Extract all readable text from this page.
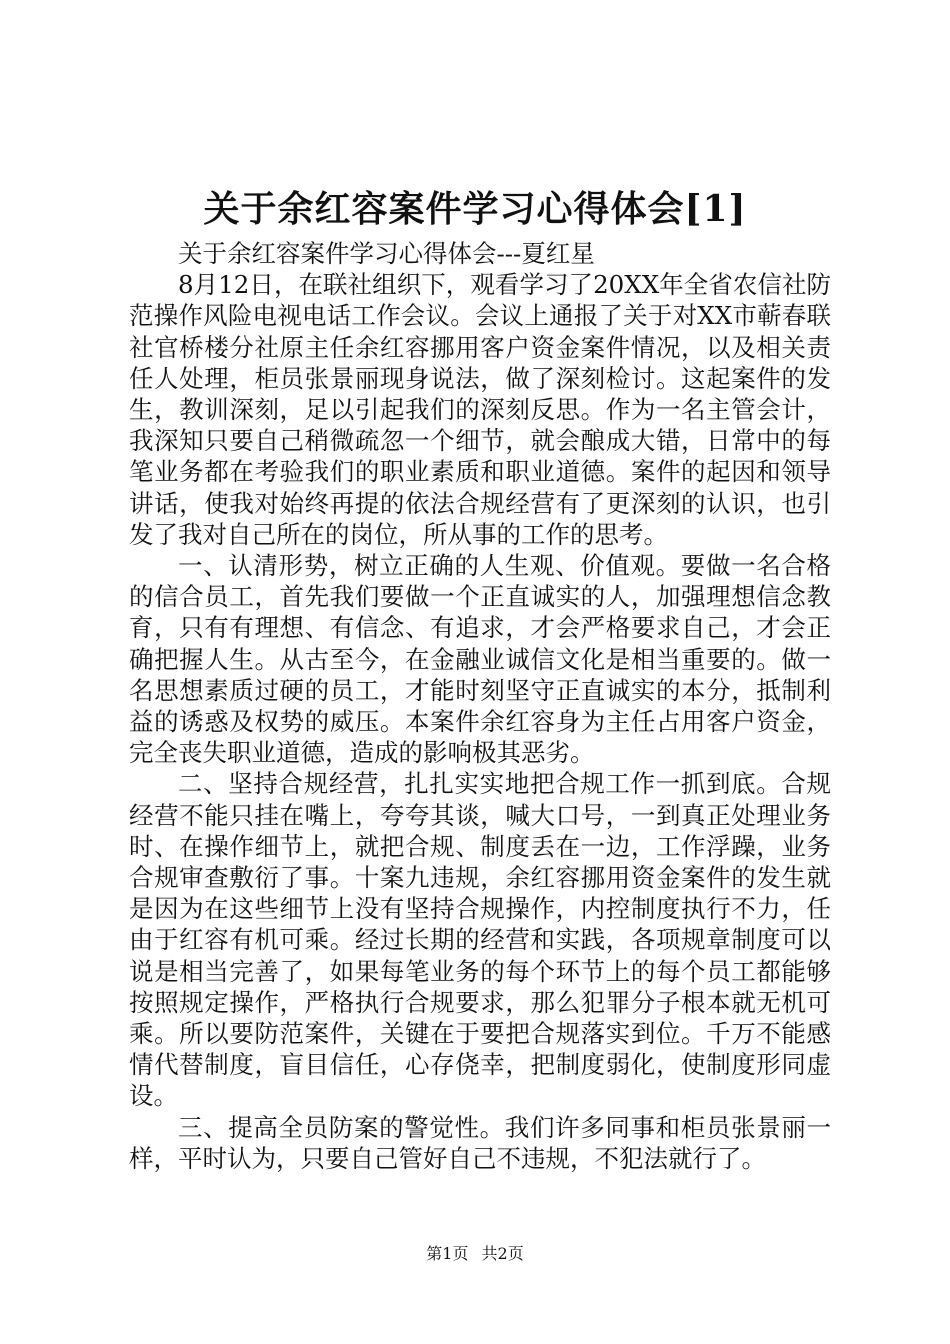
关于余红容案件学习心得体会[1]

关于余红容案件学习心得体会---夏红星

8月12日，在联社组织下，观看学习了20XX年全省农信社防范操作风险电视电话工作会议。会议上通报了关于对XX市蕲春联社官桥楼分社原主任余红容挪用客户资金案件情况，以及相关责任人处理，柜员张景丽现身说法，做了深刻检讨。这起案件的发生，教训深刻，足以引起我们的深刻反思。作为一名主管会计，我深知只要自己稍微疏忽一个细节，就会酿成大错，日常中的每笔业务都在考验我们的职业素质和职业道德。案件的起因和领导讲话，使我对始终再提的依法合规经营有了更深刻的认识，也引发了我对自己所在的岗位，所从事的工作的思考。

一、认清形势，树立正确的人生观、价值观。要做一名合格的信合员工，首先我们要做一个正直诚实的人，加强理想信念教育，只有有理想、有信念、有追求，才会严格要求自己，才会正确把握人生。从古至今，在金融业诚信文化是相当重要的。做一名思想素质过硬的员工，才能时刻坚守正直诚实的本分，抵制利益的诱惑及权势的威压。本案件余红容身为主任占用客户资金，完全丧失职业道德，造成的影响极其恶劣。

二、坚持合规经营，扎扎实实地把合规工作一抓到底。合规经营不能只挂在嘴上，夸夸其谈，喊大口号，一到真正处理业务时、在操作细节上，就把合规、制度丢在一边，工作浮躁，业务合规审查敷衍了事。十案九违规，余红容挪用资金案件的发生就是因为在这些细节上没有坚持合规操作，内控制度执行不力，任由于红容有机可乘。经过长期的经营和实践，各项规章制度可以说是相当完善了，如果每笔业务的每个环节上的每个员工都能够按照规定操作，严格执行合规要求，那么犯罪分子根本就无机可乘。所以要防范案件，关键在于要把合规落实到位。千万不能感情代替制度，盲目信任，心存侥幸，把制度弱化，使制度形同虚设。

三、提高全员防案的警觉性。我们许多同事和柜员张景丽一样，平时认为，只要自己管好自己不违规，不犯法就行了。

第1页 共2页
